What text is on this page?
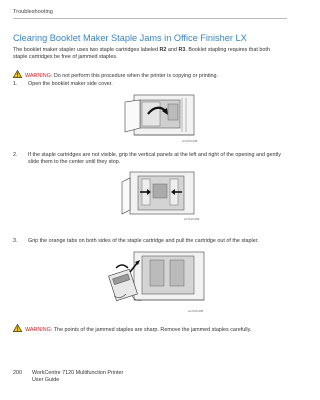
Troubleshooting
Clearing Booklet Maker Staple Jams in Office Finisher LX
The booklet maker stapler uses two staple cartridges labeled R2 and R3. Booklet stapling requires that both staple cartridges be free of jammed staples.
WARNING: Do not perform this procedure when the printer is copying or printing.
1. Open the booklet maker side cover.
wc7120-058
2. If the staple cartridges are not visible, grip the vertical panels at the left and right of the opening and gently slide them to the center until they stop.
wc7120-059
3. Grip the orange tabs on both sides of the staple cartridge and pull the cartridge out of the stapler.
wc7120-056
WARNING: The points of the jammed staples are sharp. Remove the jammed staples carefully.
200 WorkCentre 7120 Multifunction Printer
User Guide
